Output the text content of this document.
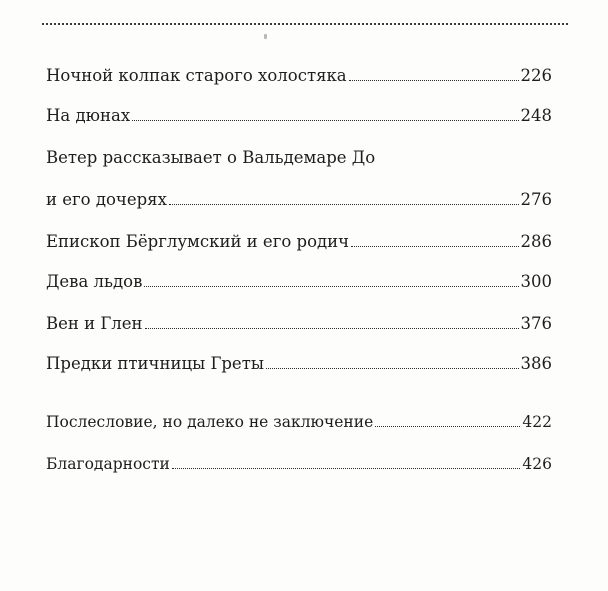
Ночной колпак старого холостяка	226
На дюнах	248
Ветер рассказывает о Вальдемаре До
и его дочерях	276
Епископ Бёрглумский и его родич	286
Дева льдов	300
Вен и Глен	376
Предки птичницы Греты	386
Послесловие, но далеко не заключение	422
Благодарности	426
